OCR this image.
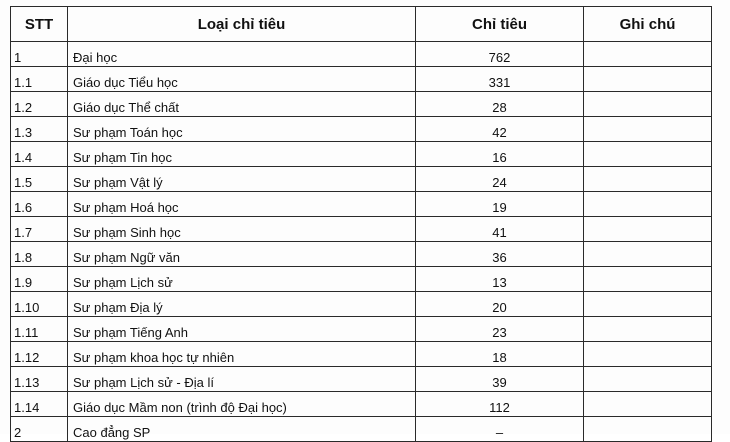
STT	Loại chỉ tiêu	Chỉ tiêu	Ghi chú
1	Đại học	762	
1.1	Giáo dục Tiểu học	331	
1.2	Giáo dục Thể chất	28	
1.3	Sư phạm Toán học	42	
1.4	Sư phạm Tin học	16	
1.5	Sư phạm Vật lý	24	
1.6	Sư phạm Hoá học	19	
1.7	Sư phạm Sinh học	41	
1.8	Sư phạm Ngữ văn	36	
1.9	Sư phạm Lịch sử	13	
1.10	Sư phạm Địa lý	20	
1.11	Sư phạm Tiếng Anh	23	
1.12	Sư phạm khoa học tự nhiên	18	
1.13	Sư phạm Lịch sử - Địa lí	39	
1.14	Giáo dục Mầm non (trình độ Đại học)	112	
2	Cao đẳng SP	–	
